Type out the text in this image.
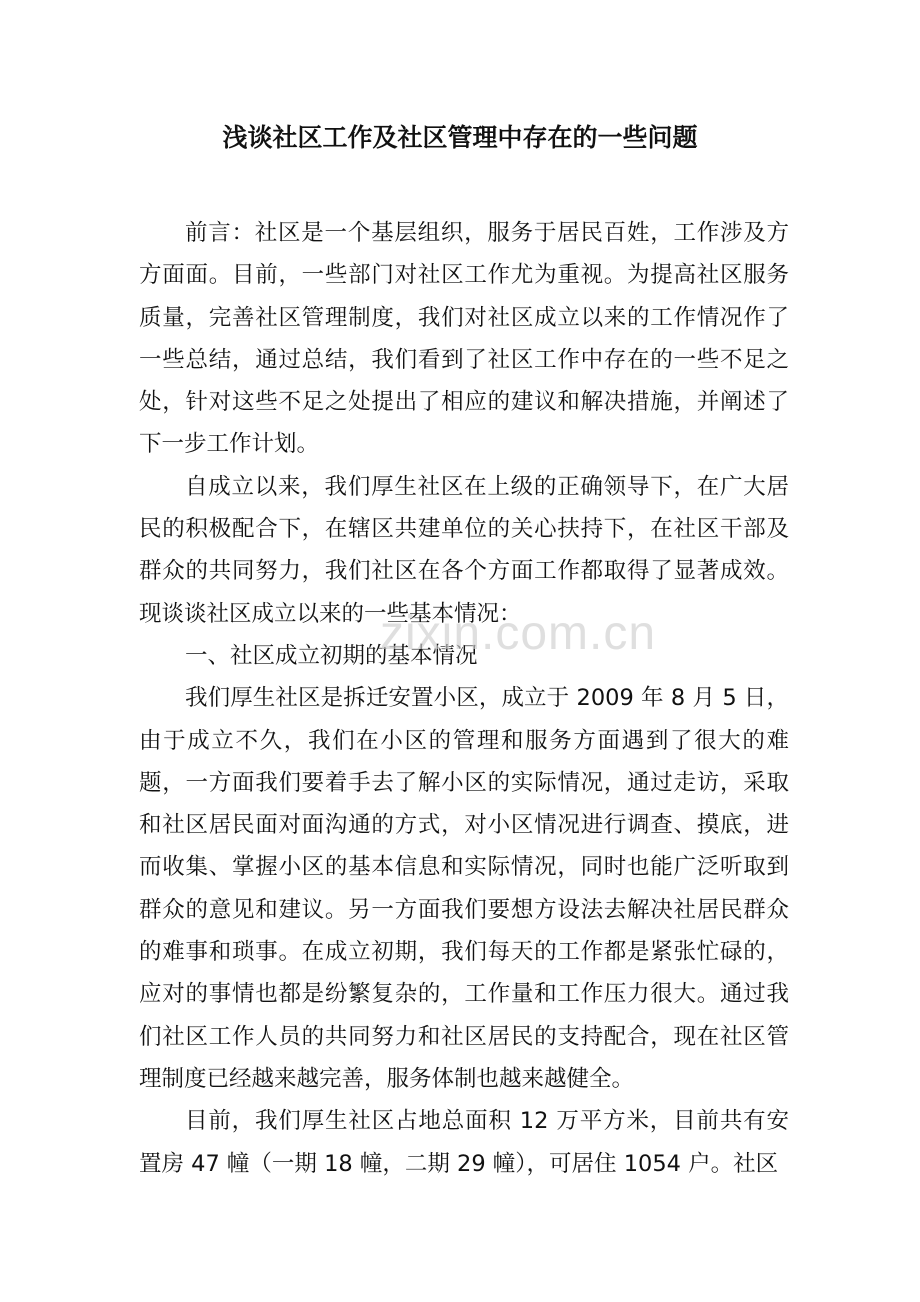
浅谈社区工作及社区管理中存在的一些问题

前言：社区是一个基层组织，服务于居民百姓，工作涉及方方面面。目前，一些部门对社区工作尤为重视。为提高社区服务质量，完善社区管理制度，我们对社区成立以来的工作情况作了一些总结，通过总结，我们看到了社区工作中存在的一些不足之处，针对这些不足之处提出了相应的建议和解决措施，并阐述了下一步工作计划。

自成立以来，我们厚生社区在上级的正确领导下，在广大居民的积极配合下，在辖区共建单位的关心扶持下，在社区干部及群众的共同努力，我们社区在各个方面工作都取得了显著成效。现谈谈社区成立以来的一些基本情况：

一、社区成立初期的基本情况

我们厚生社区是拆迁安置小区，成立于 2009 年 8 月 5 日，由于成立不久，我们在小区的管理和服务方面遇到了很大的难题，一方面我们要着手去了解小区的实际情况，通过走访，采取和社区居民面对面沟通的方式，对小区情况进行调查、摸底，进而收集、掌握小区的基本信息和实际情况，同时也能广泛听取到群众的意见和建议。另一方面我们要想方设法去解决社居民群众的难事和琐事。在成立初期，我们每天的工作都是紧张忙碌的，应对的事情也都是纷繁复杂的，工作量和工作压力很大。通过我们社区工作人员的共同努力和社区居民的支持配合，现在社区管理制度已经越来越完善，服务体制也越来越健全。

目前，我们厚生社区占地总面积 12 万平方米，目前共有安置房 47 幢（一期 18 幢，二期 29 幢），可居住 1054 户。社区

zixin.com.cn
